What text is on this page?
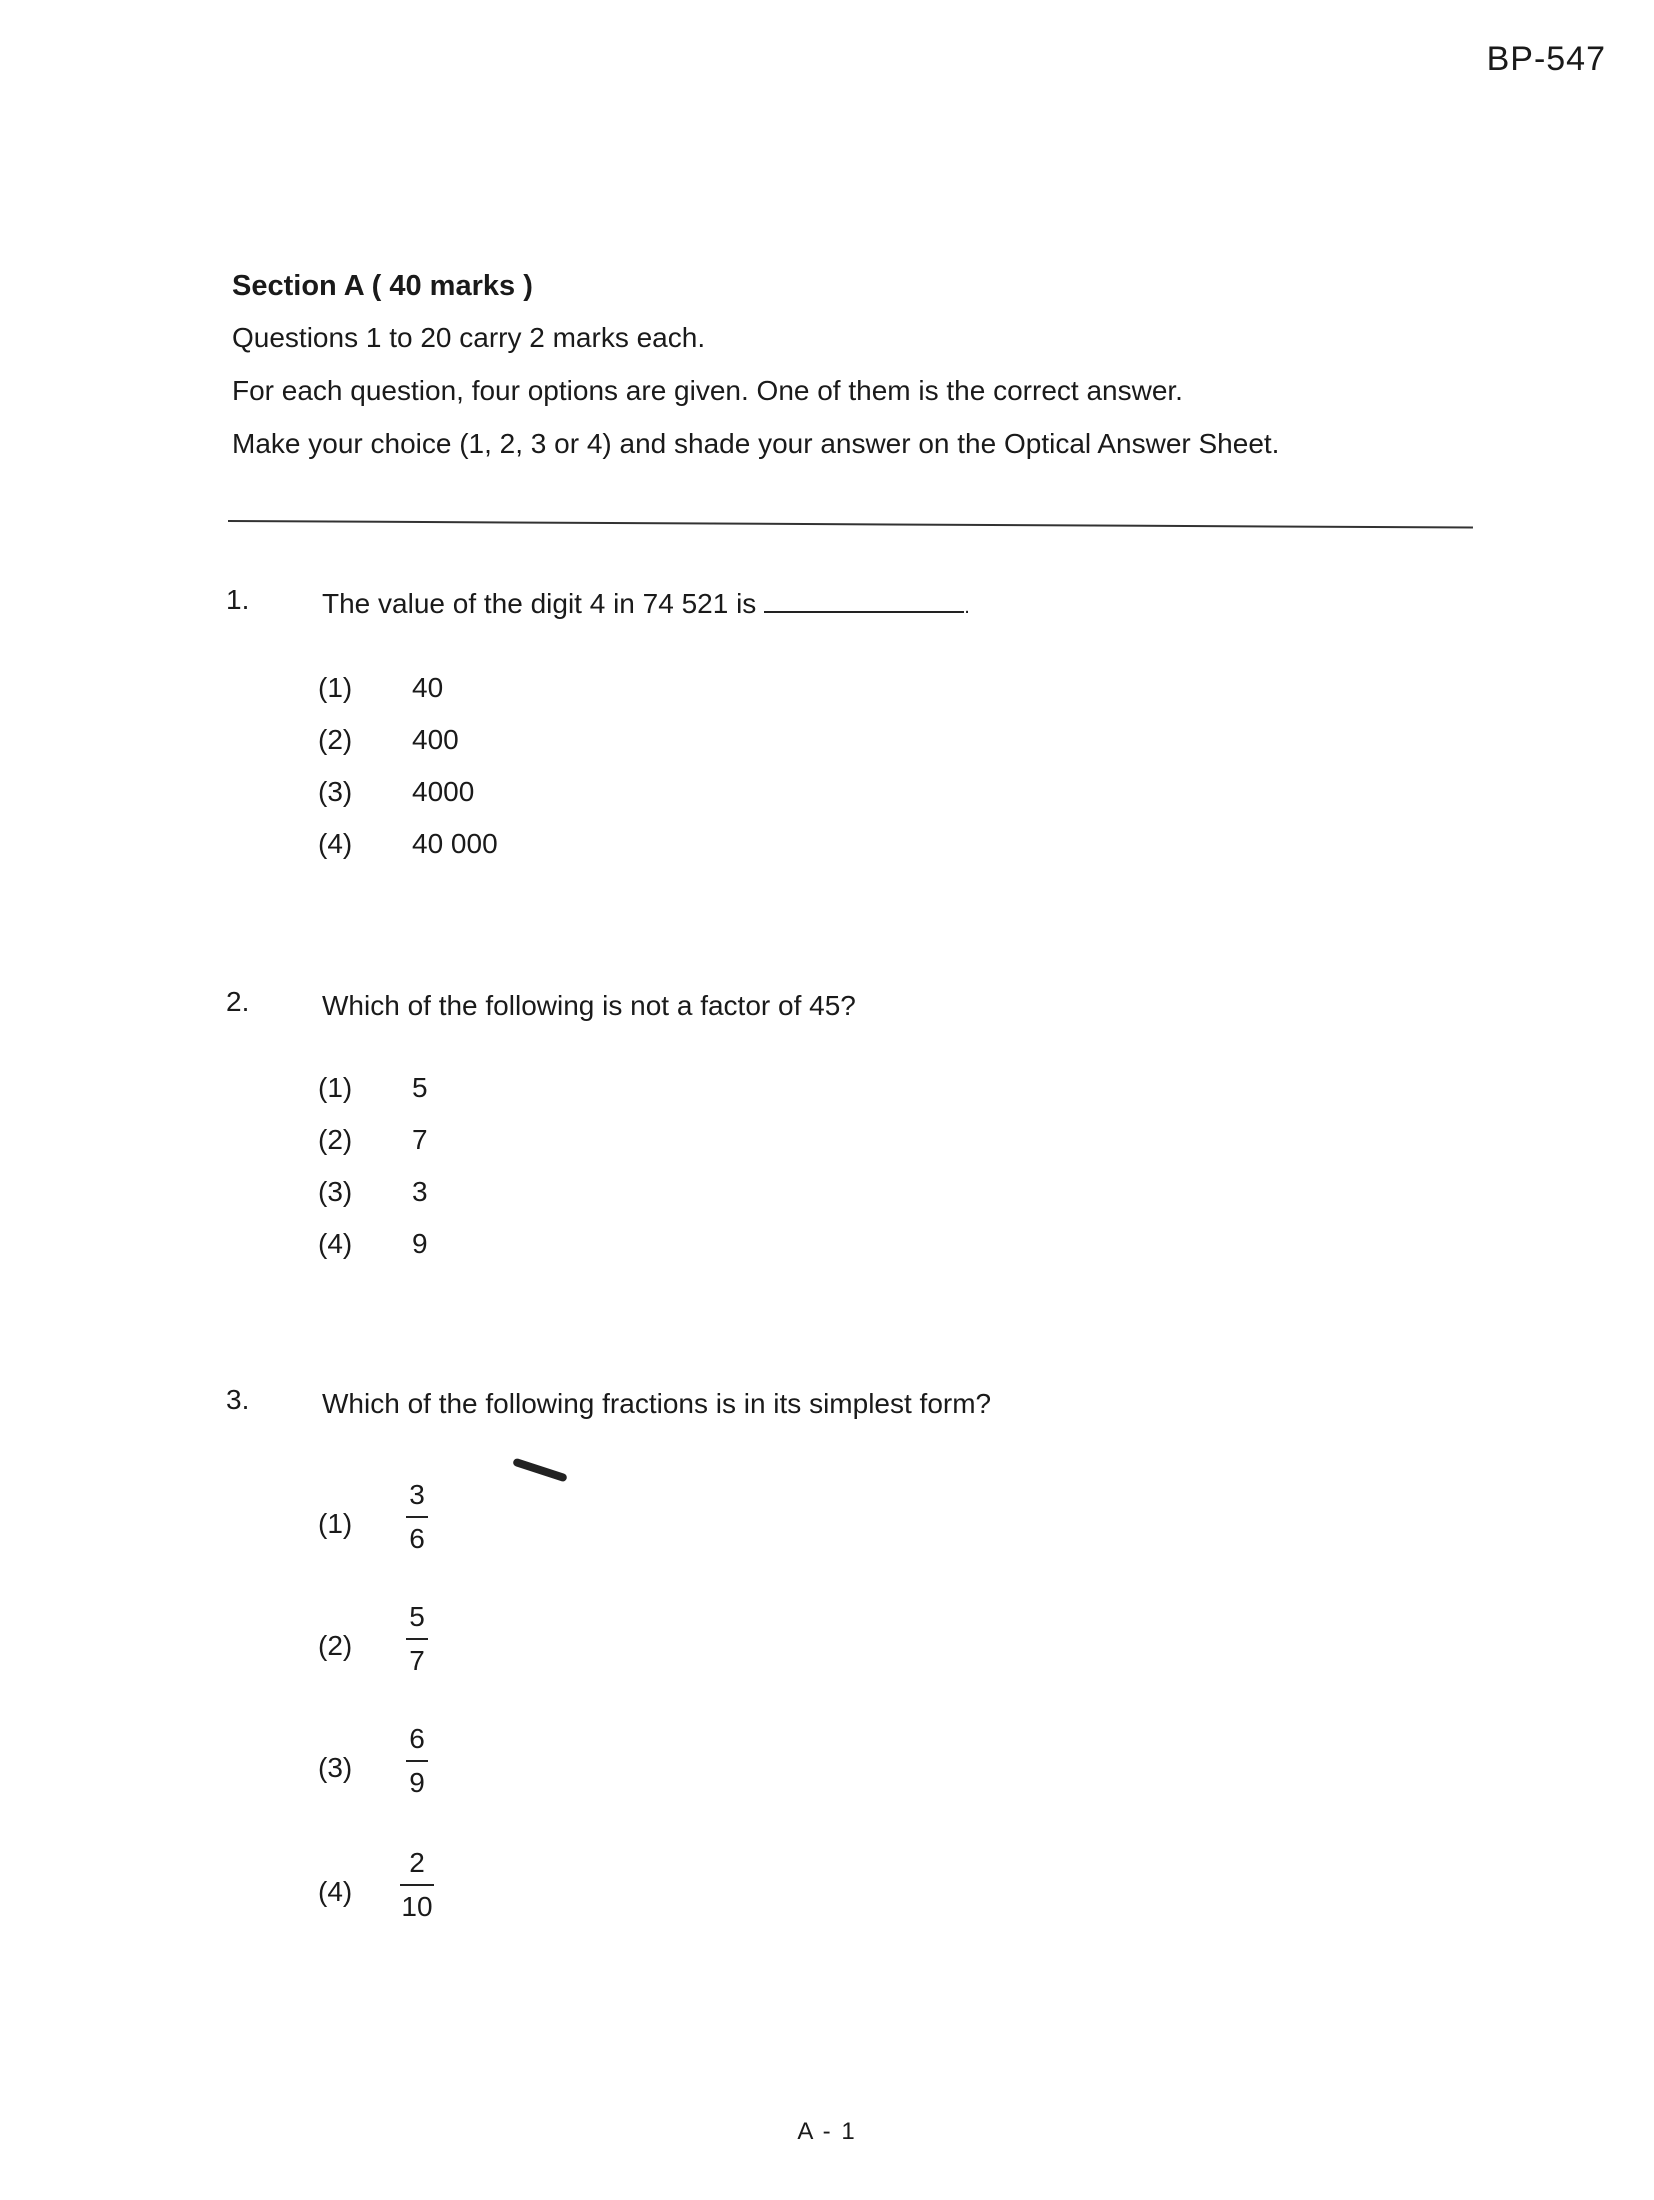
BP-547
Section A ( 40 marks )
Questions 1 to 20 carry 2 marks each.
For each question, four options are given. One of them is the correct answer.
Make your choice (1, 2, 3 or 4) and shade your answer on the Optical Answer Sheet.
1.	The value of the digit 4 in 74 521 is	.
(1) 40
(2) 400
(3) 4000
(4) 40 000
2.	Which of the following is not a factor of 45?
(1) 5
(2) 7
(3) 3
(4) 9
3.	Which of the following fractions is in its simplest form?
(1)
3
6
(2)
5
7
(3)
6
9
(4)
2
10
A - 1
